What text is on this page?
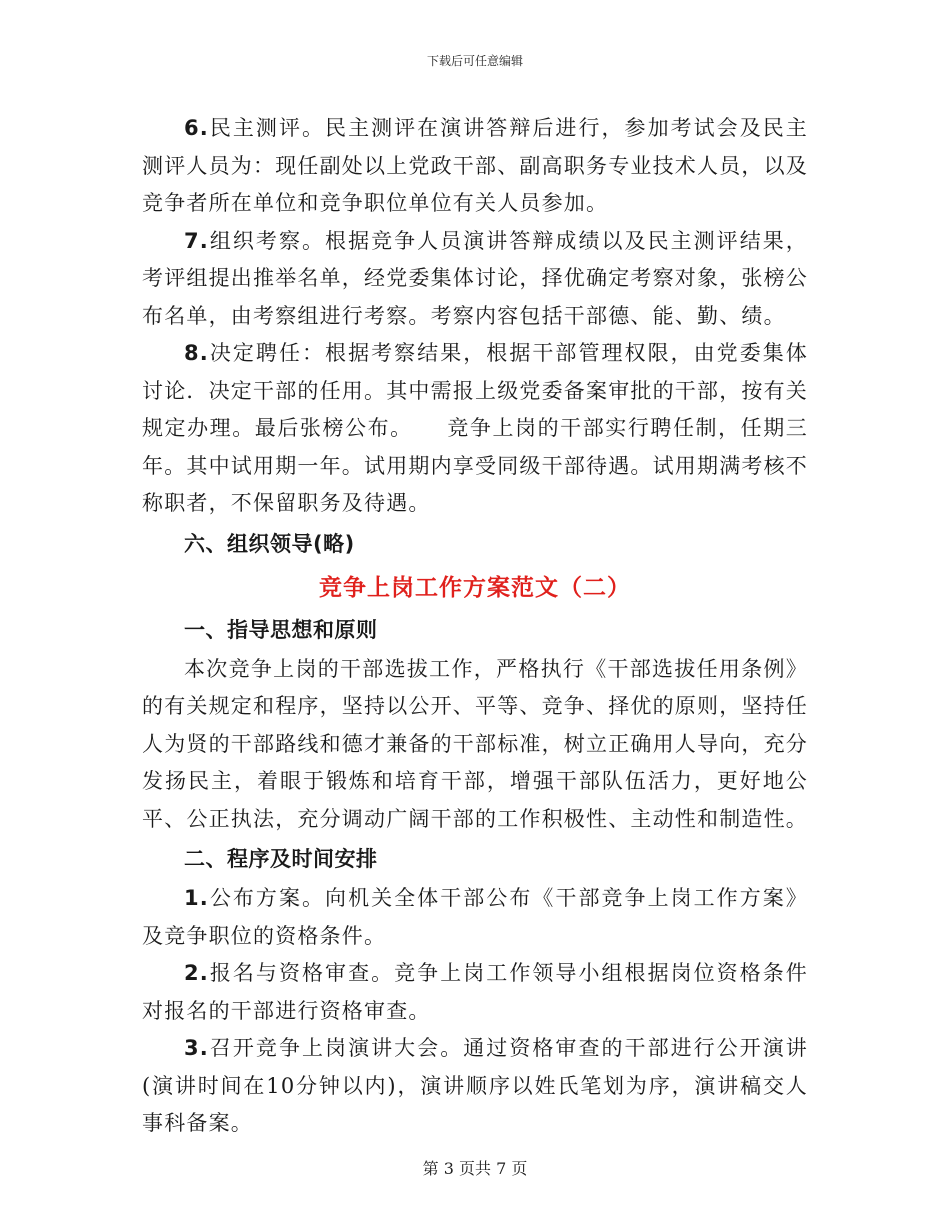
下载后可任意编辑

6.民主测评。民主测评在演讲答辩后进行，参加考试会及民主测评人员为：现任副处以上党政干部、副高职务专业技术人员，以及竞争者所在单位和竞争职位单位有关人员参加。

7.组织考察。根据竞争人员演讲答辩成绩以及民主测评结果，考评组提出推举名单，经党委集体讨论，择优确定考察对象，张榜公布名单，由考察组进行考察。考察内容包括干部德、能、勤、绩。

8.决定聘任：根据考察结果，根据干部管理权限，由党委集体讨论．决定干部的任用。其中需报上级党委备案审批的干部，按有关规定办理。最后张榜公布。　　竞争上岗的干部实行聘任制，任期三年。其中试用期一年。试用期内享受同级干部待遇。试用期满考核不称职者，不保留职务及待遇。

六、组织领导(略)

竞争上岗工作方案范文（二）

一、指导思想和原则

本次竞争上岗的干部选拔工作，严格执行《干部选拔任用条例》的有关规定和程序，坚持以公开、平等、竞争、择优的原则，坚持任人为贤的干部路线和德才兼备的干部标准，树立正确用人导向，充分发扬民主，着眼于锻炼和培育干部，增强干部队伍活力，更好地公平、公正执法，充分调动广阔干部的工作积极性、主动性和制造性。

二、程序及时间安排

1.公布方案。向机关全体干部公布《干部竞争上岗工作方案》及竞争职位的资格条件。

2.报名与资格审查。竞争上岗工作领导小组根据岗位资格条件对报名的干部进行资格审查。

3.召开竞争上岗演讲大会。通过资格审查的干部进行公开演讲(演讲时间在10分钟以内)，演讲顺序以姓氏笔划为序，演讲稿交人事科备案。

第 3 页共 7 页
